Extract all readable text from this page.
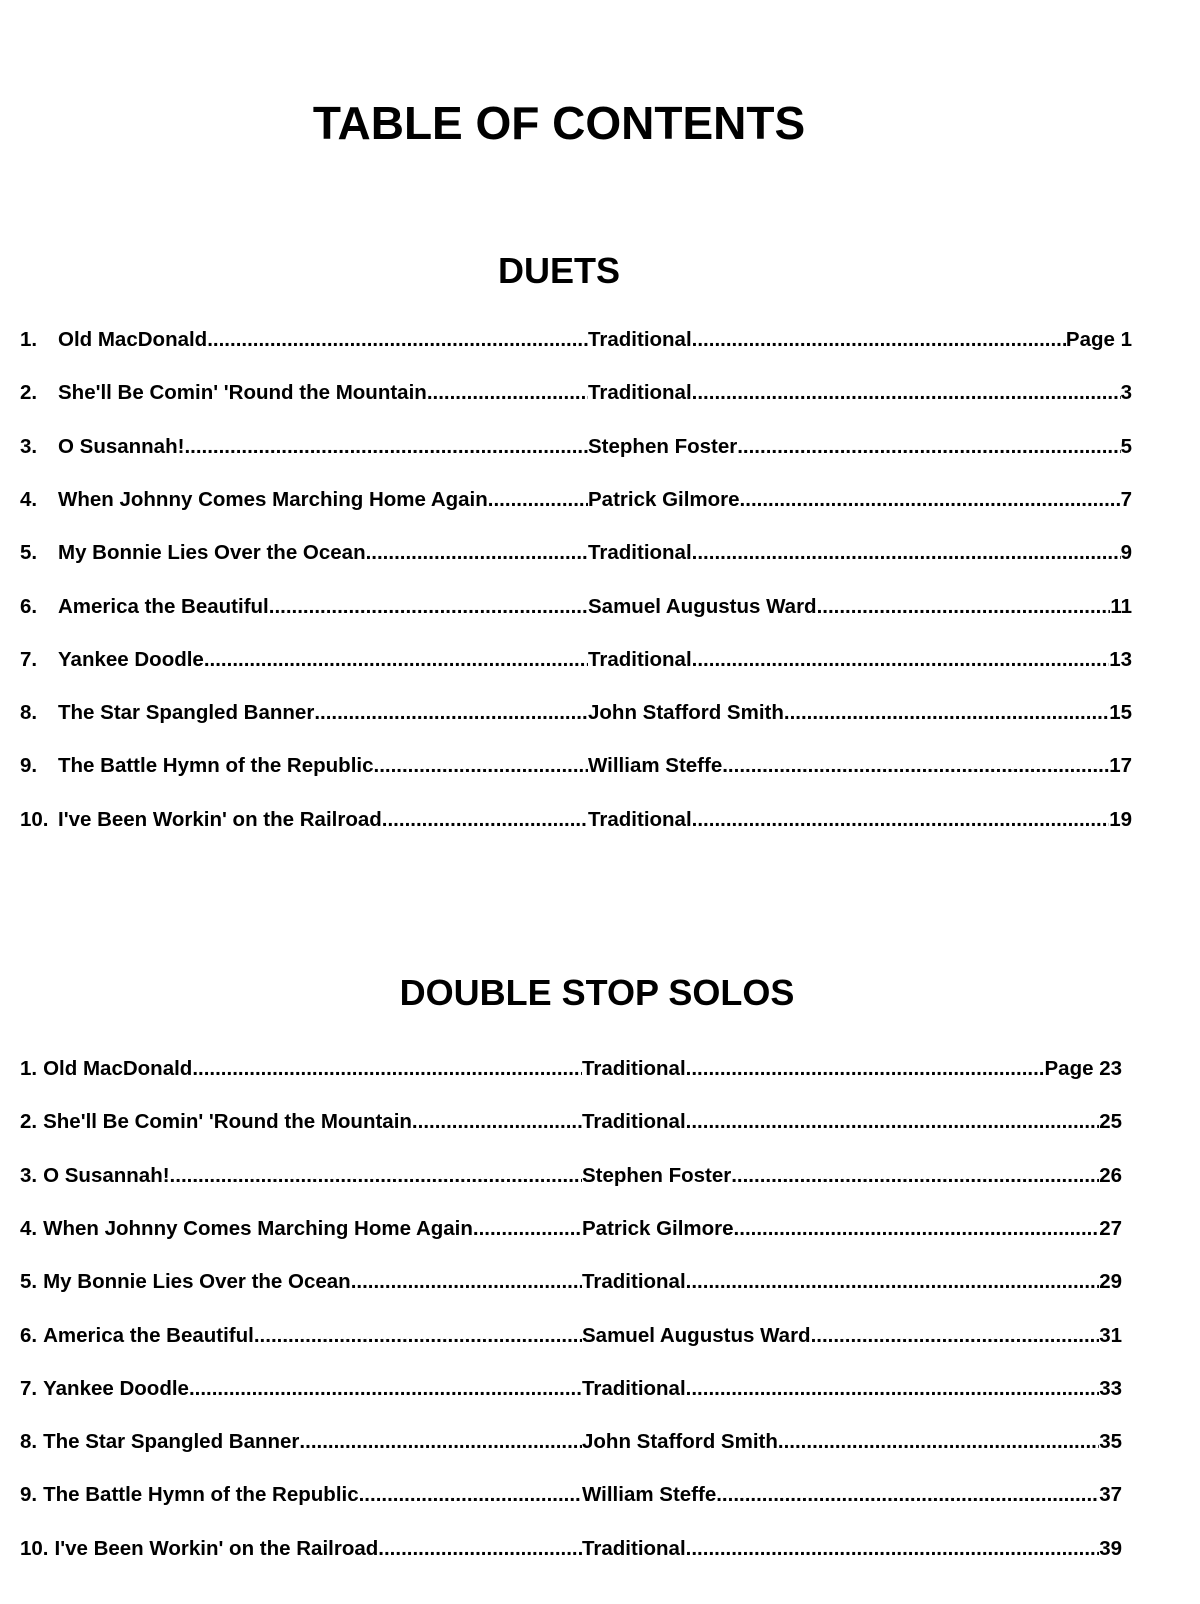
TABLE OF CONTENTS
DUETS
DOUBLE STOP SOLOS
1.	Old MacDonald .....	Traditional .....	Page 1
2.	She'll Be Comin' 'Round the Mountain .....	Traditional .....	3
3.	O Susannah! .....	Stephen Foster .....	5
4.	When Johnny Comes Marching Home Again .....	Patrick Gilmore .....	7
5.	My Bonnie Lies Over the Ocean .....	Traditional .....	9
6.	America the Beautiful .....	Samuel Augustus Ward .....	11
7.	Yankee Doodle .....	Traditional .....	13
8.	The Star Spangled Banner .....	John Stafford Smith .....	15
9.	The Battle Hymn of the Republic .....	William Steffe .....	17
10. I've Been Workin' on the Railroad .....	Traditional .....	19
1. Old MacDonald .....	Traditional .....	Page 23
2. She'll Be Comin' 'Round the Mountain .....	Traditional .....	25
3. O Susannah! .....	Stephen Foster .....	26
4. When Johnny Comes Marching Home Again .....	Patrick Gilmore .....	27
5. My Bonnie Lies Over the Ocean .....	Traditional .....	29
6. America the Beautiful .....	Samuel Augustus Ward .....	31
7. Yankee Doodle .....	Traditional .....	33
8. The Star Spangled Banner .....	John Stafford Smith .....	35
9. The Battle Hymn of the Republic .....	William Steffe .....	37
10. I've Been Workin' on the Railroad .....	Traditional .....	39
